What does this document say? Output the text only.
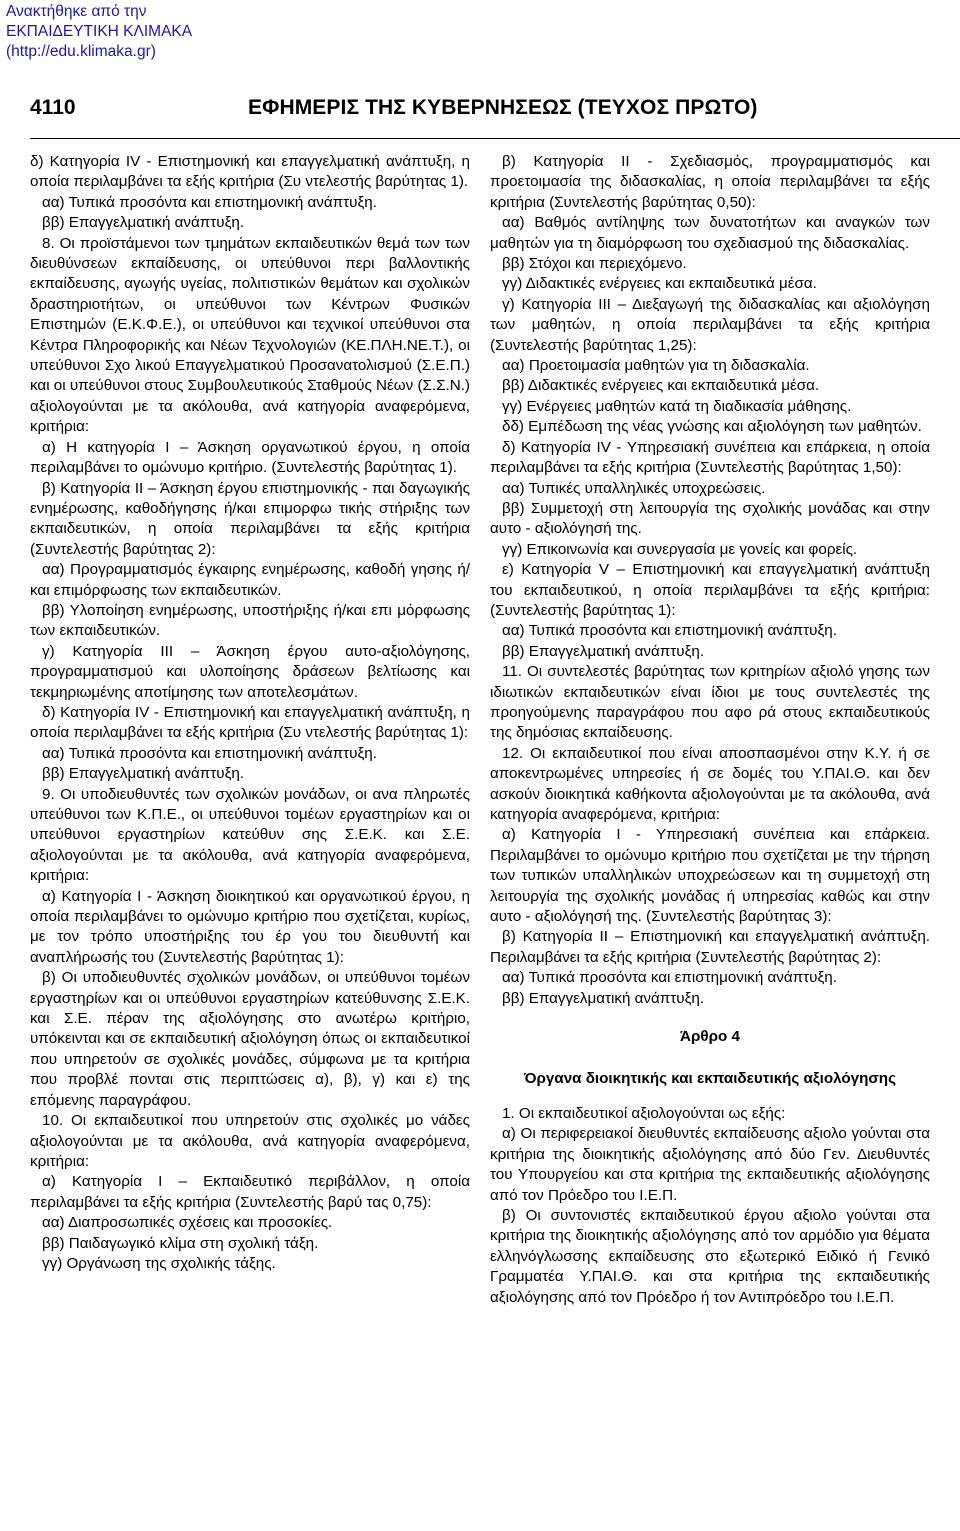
Ανακτήθηκε από την
ΕΚΠΑΙΔΕΥΤΙΚΗ ΚΛΙΜΑΚΑ
(http://edu.klimaka.gr)
4110	ΕΦΗΜΕΡΙΣ ΤΗΣ ΚΥΒΕΡΝΗΣΕΩΣ (ΤΕΥΧΟΣ ΠΡΩΤΟ)

δ) Κατηγορία IV ‑ Επιστημονική και επαγγελματική ανάπτυξη, η οποία περιλαμβάνει τα εξής κριτήρια (Συ ντελεστής βαρύτητας 1).

αα) Τυπικά προσόντα και επιστημονική ανάπτυξη.

ββ) Επαγγελματική ανάπτυξη.

8. Οι προϊστάμενοι των τμημάτων εκπαιδευτικών θεμά των των διευθύνσεων εκπαίδευσης, οι υπεύθυνοι περι βαλλοντικής εκπαίδευσης, αγωγής υγείας, πολιτιστικών θεμάτων και σχολικών δραστηριοτήτων, οι υπεύθυνοι των Κέντρων Φυσικών Επιστημών (Ε.Κ.Φ.Ε.), οι υπεύθυνοι και τεχνικοί υπεύθυνοι στα Κέντρα Πληροφορικής και Νέων Τεχνολογιών (ΚΕ.ΠΛΗ.ΝΕ.Τ.), οι υπεύθυνοι Σχο λικού Επαγγελματικού Προσανατολισμού (Σ.Ε.Π.) και οι υπεύθυνοι στους Συμβουλευτικούς Σταθμούς Νέων (Σ.Σ.Ν.) αξιολογούνται με τα ακόλουθα, ανά κατηγορία αναφερόμενα, κριτήρια:

α) Η κατηγορία Ι – Άσκηση οργανωτικού έργου, η οποία περιλαμβάνει το ομώνυμο κριτήριο. (Συντελεστής βαρύτητας 1).

β) Κατηγορία ΙΙ – Άσκηση έργου επιστημονικής ‑ παι δαγωγικής ενημέρωσης, καθοδήγησης ή/και επιμορφω τικής στήριξης των εκπαιδευτικών, η οποία περιλαμβάνει τα εξής κριτήρια (Συντελεστής βαρύτητας 2):

αα) Προγραμματισμός έγκαιρης ενημέρωσης, καθοδή γησης ή/και επιμόρφωσης των εκπαιδευτικών.

ββ) Υλοποίηση ενημέρωσης, υποστήριξης ή/και επι μόρφωσης των εκπαιδευτικών.

γ) Κατηγορία ΙΙΙ – Άσκηση έργου αυτο‑αξιολόγησης, προγραμματισμού και υλοποίησης δράσεων βελτίωσης και τεκμηριωμένης αποτίμησης των αποτελεσμάτων.

δ) Κατηγορία IV ‑ Επιστημονική και επαγγελματική ανάπτυξη, η οποία περιλαμβάνει τα εξής κριτήρια (Συ ντελεστής βαρύτητας 1):

αα) Τυπικά προσόντα και επιστημονική ανάπτυξη.

ββ) Επαγγελματική ανάπτυξη.

9. Οι υποδιευθυντές των σχολικών μονάδων, οι ανα πληρωτές υπεύθυνοι των Κ.Π.Ε., οι υπεύθυνοι τομέων εργαστηρίων και οι υπεύθυνοι εργαστηρίων κατεύθυν σης Σ.Ε.Κ. και Σ.Ε. αξιολογούνται με τα ακόλουθα, ανά κατηγορία αναφερόμενα, κριτήρια:

α) Κατηγορία Ι ‑ Άσκηση διοικητικού και οργανωτικού έργου, η οποία περιλαμβάνει το ομώνυμο κριτήριο που σχετίζεται, κυρίως, με τον τρόπο υποστήριξης του έρ γου του διευθυντή και αναπλήρωσής του (Συντελεστής βαρύτητας 1):

β) Οι υποδιευθυντές σχολικών μονάδων, οι υπεύθυνοι τομέων εργαστηρίων και οι υπεύθυνοι εργαστηρίων κατεύθυνσης Σ.Ε.Κ. και Σ.Ε. πέραν της αξιολόγησης στο ανωτέρω κριτήριο, υπόκεινται και σε εκπαιδευτική αξιολόγηση όπως οι εκπαιδευτικοί που υπηρετούν σε σχολικές μονάδες, σύμφωνα με τα κριτήρια που προβλέ πονται στις περιπτώσεις α), β), γ) και ε) της επόμενης παραγράφου.

10. Οι εκπαιδευτικοί που υπηρετούν στις σχολικές μο νάδες αξιολογούνται με τα ακόλουθα, ανά κατηγορία αναφερόμενα, κριτήρια:

α) Κατηγορία Ι – Εκπαιδευτικό περιβάλλον, η οποία περιλαμβάνει τα εξής κριτήρια (Συντελεστής βαρύ τας 0,75):

αα) Διαπροσωπικές σχέσεις και προσοκίες.

ββ) Παιδαγωγικό κλίμα στη σχολική τάξη.

γγ) Οργάνωση της σχολικής τάξης.

β) Κατηγορία ΙΙ ‑ Σχεδιασμός, προγραμματισμός και προετοιμασία της διδασκαλίας, η οποία περιλαμβάνει τα εξής κριτήρια (Συντελεστής βαρύτητας 0,50):

αα) Βαθμός αντίληψης των δυνατοτήτων και αναγκών των μαθητών για τη διαμόρφωση του σχεδιασμού της διδασκαλίας.

ββ) Στόχοι και περιεχόμενο.

γγ) Διδακτικές ενέργειες και εκπαιδευτικά μέσα.

γ) Κατηγορία ΙΙΙ – Διεξαγωγή της διδασκαλίας και αξιολόγηση των μαθητών, η οποία περιλαμβάνει τα εξής κριτήρια (Συντελεστής βαρύτητας 1,25):

αα) Προετοιμασία μαθητών για τη διδασκαλία.

ββ) Διδακτικές ενέργειες και εκπαιδευτικά μέσα.

γγ) Ενέργειες μαθητών κατά τη διαδικασία μάθησης.

δδ) Εμπέδωση της νέας γνώσης και αξιολόγηση των μαθητών.

δ) Κατηγορία IV ‑ Υπηρεσιακή συνέπεια και επάρκεια, η οποία περιλαμβάνει τα εξής κριτήρια (Συντελεστής βαρύτητας 1,50):

αα) Τυπικές υπαλληλικές υποχρεώσεις.

ββ) Συμμετοχή στη λειτουργία της σχολικής μονάδας και στην αυτο ‑ αξιολόγησή της.

γγ) Επικοινωνία και συνεργασία με γονείς και φορείς.

ε) Κατηγορία V – Επιστημονική και επαγγελματική ανάπτυξη του εκπαιδευτικού, η οποία περιλαμβάνει τα εξής κριτήρια: (Συντελεστής βαρύτητας 1):

αα) Τυπικά προσόντα και επιστημονική ανάπτυξη.

ββ) Επαγγελματική ανάπτυξη.

11. Οι συντελεστές βαρύτητας των κριτηρίων αξιολό γησης των ιδιωτικών εκπαιδευτικών είναι ίδιοι με τους συντελεστές της προηγούμενης παραγράφου που αφο ρά στους εκπαιδευτικούς της δημόσιας εκπαίδευσης.

12. Οι εκπαιδευτικοί που είναι αποσπασμένοι στην Κ.Υ. ή σε αποκεντρωμένες υπηρεσίες ή σε δομές του Υ.ΠΑΙ.Θ. και δεν ασκούν διοικητικά καθήκοντα αξιολογούνται με τα ακόλουθα, ανά κατηγορία αναφερόμενα, κριτήρια:

α) Κατηγορία Ι ‑ Υπηρεσιακή συνέπεια και επάρκεια. Περιλαμβάνει το ομώνυμο κριτήριο που σχετίζεται με την τήρηση των τυπικών υπαλληλικών υποχρεώσεων και τη συμμετοχή στη λειτουργία της σχολικής μονάδας ή υπηρεσίας καθώς και στην αυτο ‑ αξιολόγησή της. (Συντελεστής βαρύτητας 3):

β) Κατηγορία ΙΙ – Επιστημονική και επαγγελματική ανάπτυξη. Περιλαμβάνει τα εξής κριτήρια (Συντελεστής βαρύτητας 2):

αα) Τυπικά προσόντα και επιστημονική ανάπτυξη.

ββ) Επαγγελματική ανάπτυξη.

Άρθρο 4

Όργανα διοικητικής και εκπαιδευτικής αξιολόγησης

1. Οι εκπαιδευτικοί αξιολογούνται ως εξής:

α) Οι περιφερειακοί διευθυντές εκπαίδευσης αξιολο γούνται στα κριτήρια της διοικητικής αξιολόγησης από δύο Γεν. Διευθυντές του Υπουργείου και στα κριτήρια της εκπαιδευτικής αξιολόγησης από τον Πρόεδρο του Ι.Ε.Π.

β) Οι συντονιστές εκπαιδευτικού έργου αξιολο γούνται στα κριτήρια της διοικητικής αξιολόγησης από τον αρμόδιο για θέματα ελληνόγλωσσης εκπαίδευσης στο εξωτερικό Ειδικό ή Γενικό Γραμματέα Υ.ΠΑΙ.Θ. και στα κριτήρια της εκπαιδευτικής αξιολόγησης από τον Πρόεδρο ή τον Αντιπρόεδρο του Ι.Ε.Π.
